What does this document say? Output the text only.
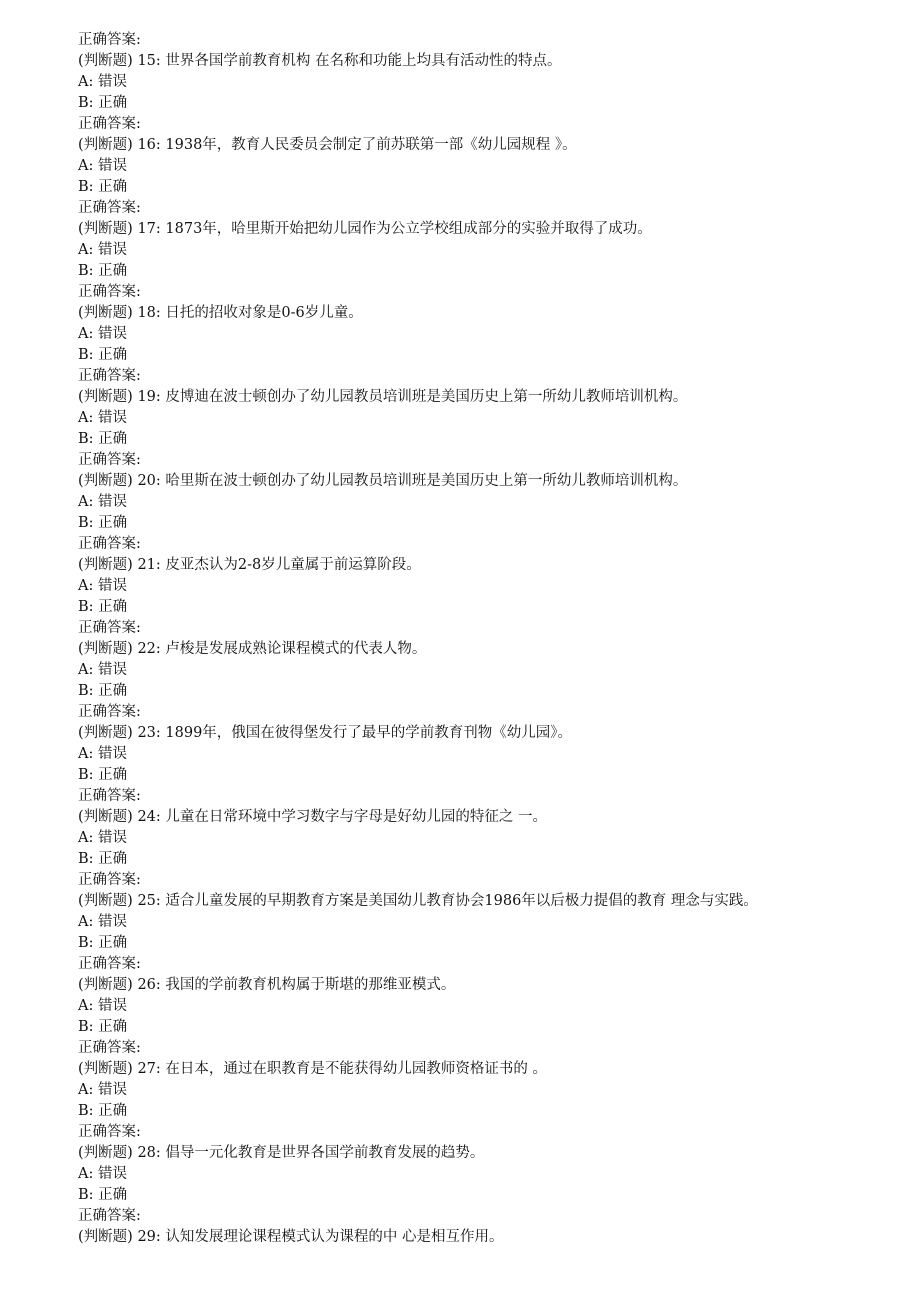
正确答案:
(判断题) 15: 世界各国学前教育机构 在名称和功能上均具有活动性的特点。
A: 错误
B: 正确
正确答案:
(判断题) 16: 1938年，教育人民委员会制定了前苏联第一部《幼儿园规程 》。
A: 错误
B: 正确
正确答案:
(判断题) 17: 1873年，哈里斯开始把幼儿园作为公立学校组成部分的实验并取得了成功。
A: 错误
B: 正确
正确答案:
(判断题) 18: 日托的招收对象是0-6岁儿童。
A: 错误
B: 正确
正确答案:
(判断题) 19: 皮博迪在波士顿创办了幼儿园教员培训班是美国历史上第一所幼儿教师培训机构。
A: 错误
B: 正确
正确答案:
(判断题) 20: 哈里斯在波士顿创办了幼儿园教员培训班是美国历史上第一所幼儿教师培训机构。
A: 错误
B: 正确
正确答案:
(判断题) 21: 皮亚杰认为2-8岁儿童属于前运算阶段。
A: 错误
B: 正确
正确答案:
(判断题) 22: 卢梭是发展成熟论课程模式的代表人物。
A: 错误
B: 正确
正确答案:
(判断题) 23: 1899年，俄国在彼得堡发行了最早的学前教育刊物《幼儿园》。
A: 错误
B: 正确
正确答案:
(判断题) 24: 儿童在日常环境中学习数字与字母是好幼儿园的特征之 一。
A: 错误
B: 正确
正确答案:
(判断题) 25: 适合儿童发展的早期教育方案是美国幼儿教育协会1986年以后极力提倡的教育 理念与实践。
A: 错误
B: 正确
正确答案:
(判断题) 26: 我国的学前教育机构属于斯堪的那维亚模式。
A: 错误
B: 正确
正确答案:
(判断题) 27: 在日本，通过在职教育是不能获得幼儿园教师资格证书的 。
A: 错误
B: 正确
正确答案:
(判断题) 28: 倡导一元化教育是世界各国学前教育发展的趋势。
A: 错误
B: 正确
正确答案:
(判断题) 29: 认知发展理论课程模式认为课程的中 心是相互作用。
